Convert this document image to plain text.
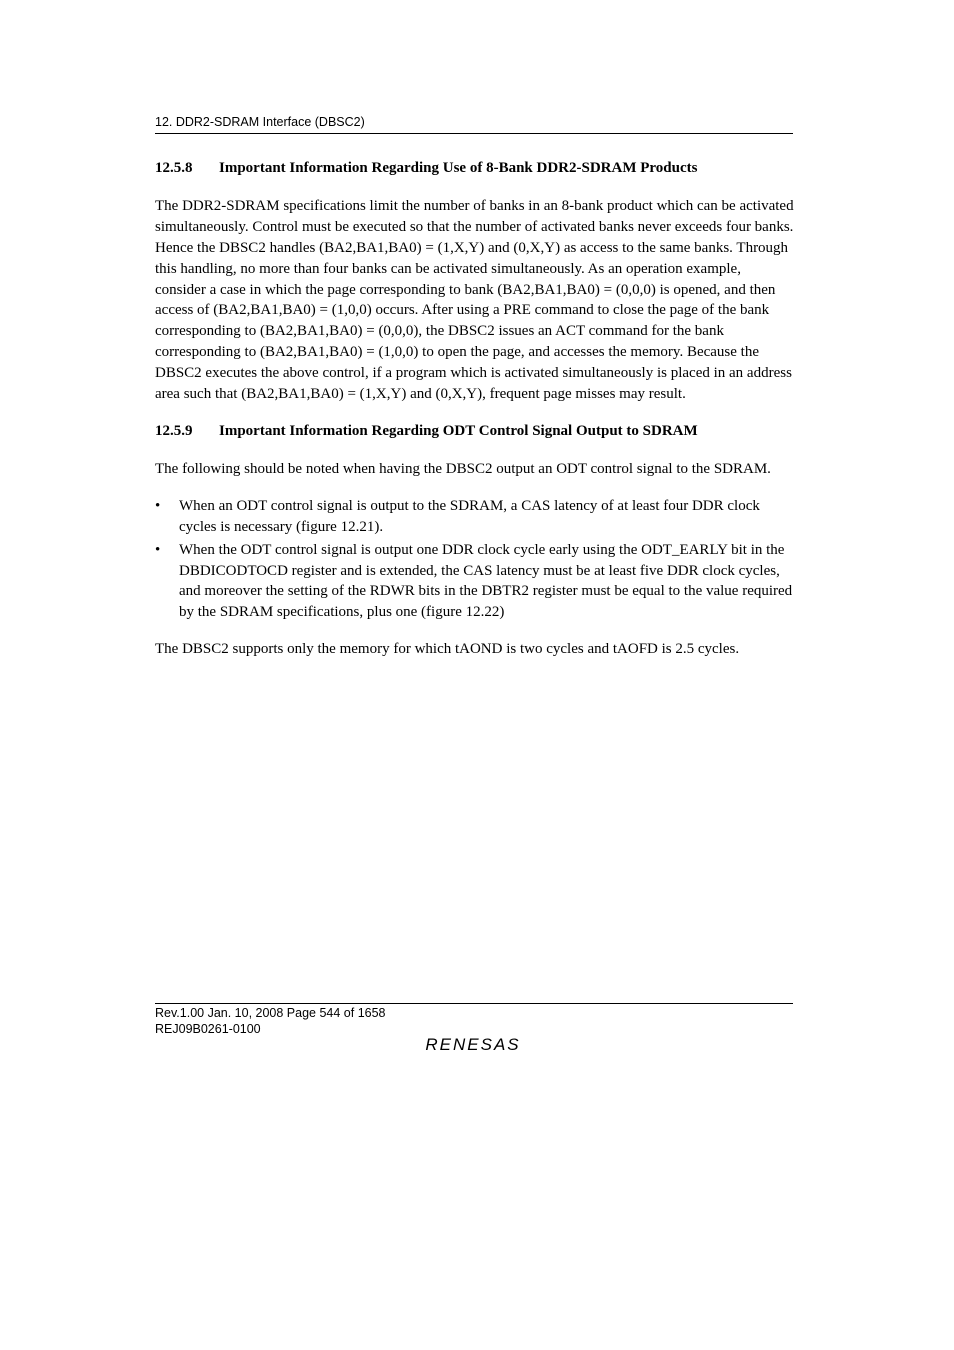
12. DDR2-SDRAM Interface (DBSC2)
12.5.8	Important Information Regarding Use of 8-Bank DDR2-SDRAM Products

The DDR2-SDRAM specifications limit the number of banks in an 8-bank product which can be activated simultaneously. Control must be executed so that the number of activated banks never exceeds four banks. Hence the DBSC2 handles (BA2,BA1,BA0) = (1,X,Y) and (0,X,Y) as access to the same banks. Through this handling, no more than four banks can be activated simultaneously. As an operation example, consider a case in which the page corresponding to bank (BA2,BA1,BA0) = (0,0,0) is opened, and then access of (BA2,BA1,BA0) = (1,0,0) occurs. After using a PRE command to close the page of the bank corresponding to (BA2,BA1,BA0) = (0,0,0), the DBSC2 issues an ACT command for the bank corresponding to (BA2,BA1,BA0) = (1,0,0) to open the page, and accesses the memory. Because the DBSC2 executes the above control, if a program which is activated simultaneously is placed in an address area such that (BA2,BA1,BA0) = (1,X,Y) and (0,X,Y), frequent page misses may result.

12.5.9	Important Information Regarding ODT Control Signal Output to SDRAM

The following should be noted when having the DBSC2 output an ODT control signal to the SDRAM.

• When an ODT control signal is output to the SDRAM, a CAS latency of at least four DDR clock cycles is necessary (figure 12.21).
• When the ODT control signal is output one DDR clock cycle early using the ODT_EARLY bit in the DBDICODTOCD register and is extended, the CAS latency must be at least five DDR clock cycles, and moreover the setting of the RDWR bits in the DBTR2 register must be equal to the value required by the SDRAM specifications, plus one (figure 12.22)

The DBSC2 supports only the memory for which tAOND is two cycles and tAOFD is 2.5 cycles.

Rev.1.00 Jan. 10, 2008 Page 544 of 1658
REJ09B0261-0100
RENESAS
